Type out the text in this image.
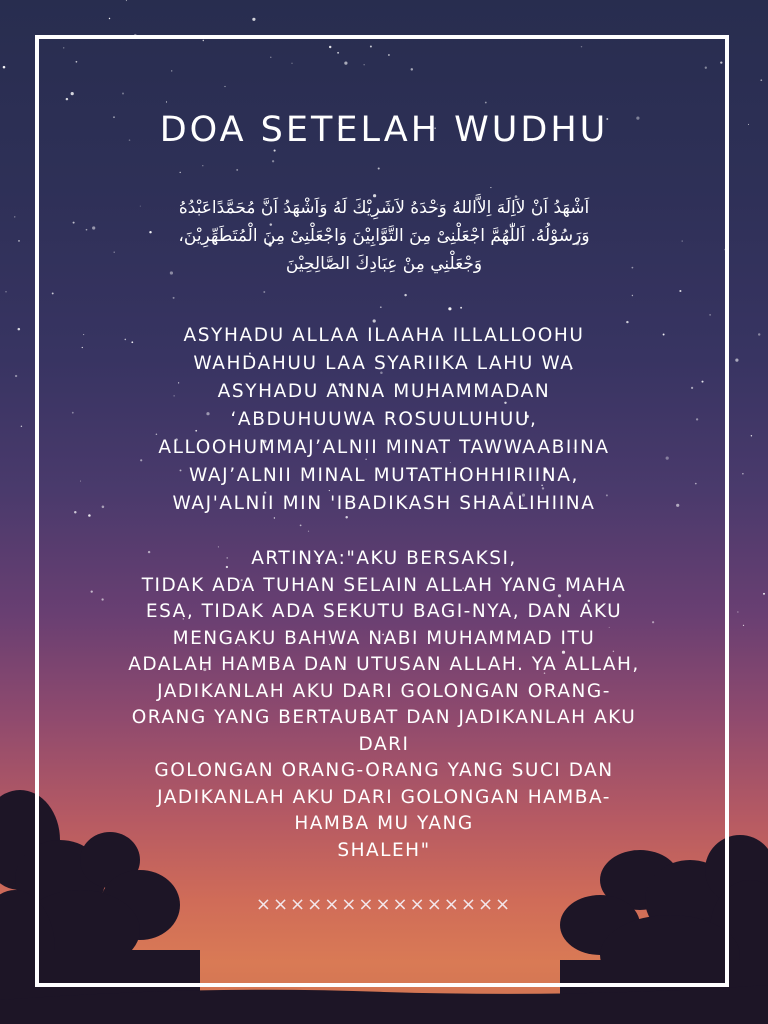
DOA SETELAH WUDHU
اَشْهَدُ اَنْ لاَاِلَهَ اِلاَّاللهُ وَحْدَهُ لاَشَرِيْكَ لَهُ وَاَشْهَدُ اَنَّ مُحَمَّدًاعَبْدُهُ
وَرَسُوْلُهُ. اَللّٰهُمَّ اجْعَلْنِىْ مِنَ التَّوَّابِيْنَ وَاجْعَلْنِىْ مِنَ الْمُتَطَهِّرِيْنَ،
وَجْعَلْنِي مِنْ عِبَادِكَ الصَّالِحِيْنَ
ASYHADU ALLAA ILAAHA ILLALLOOHU
WAHDAHUU LAA SYARIIKA LAHU WA
ASYHADU ANNA MUHAMMADAN
‘ABDUHUUWA ROSUULUHUU,
ALLOOHUMMAJ’ALNII MINAT TAWWAABIINA
WAJ’ALNII MINAL MUTATHOHHIRIINA,
WAJ'ALNII MIN 'IBADIKASH SHAALIHIINA
ARTINYA:"AKU BERSAKSI,
TIDAK ADA TUHAN SELAIN ALLAH YANG MAHA
ESA, TIDAK ADA SEKUTU BAGI-NYA, DAN AKU
MENGAKU BAHWA NABI MUHAMMAD ITU
ADALAH HAMBA DAN UTUSAN ALLAH. YA ALLAH,
JADIKANLAH AKU DARI GOLONGAN ORANG-
ORANG YANG BERTAUBAT DAN JADIKANLAH AKU
DARI
GOLONGAN ORANG-ORANG YANG SUCI DAN
JADIKANLAH AKU DARI GOLONGAN HAMBA-
HAMBA MU YANG
SHALEH"
×××××××××××××××
